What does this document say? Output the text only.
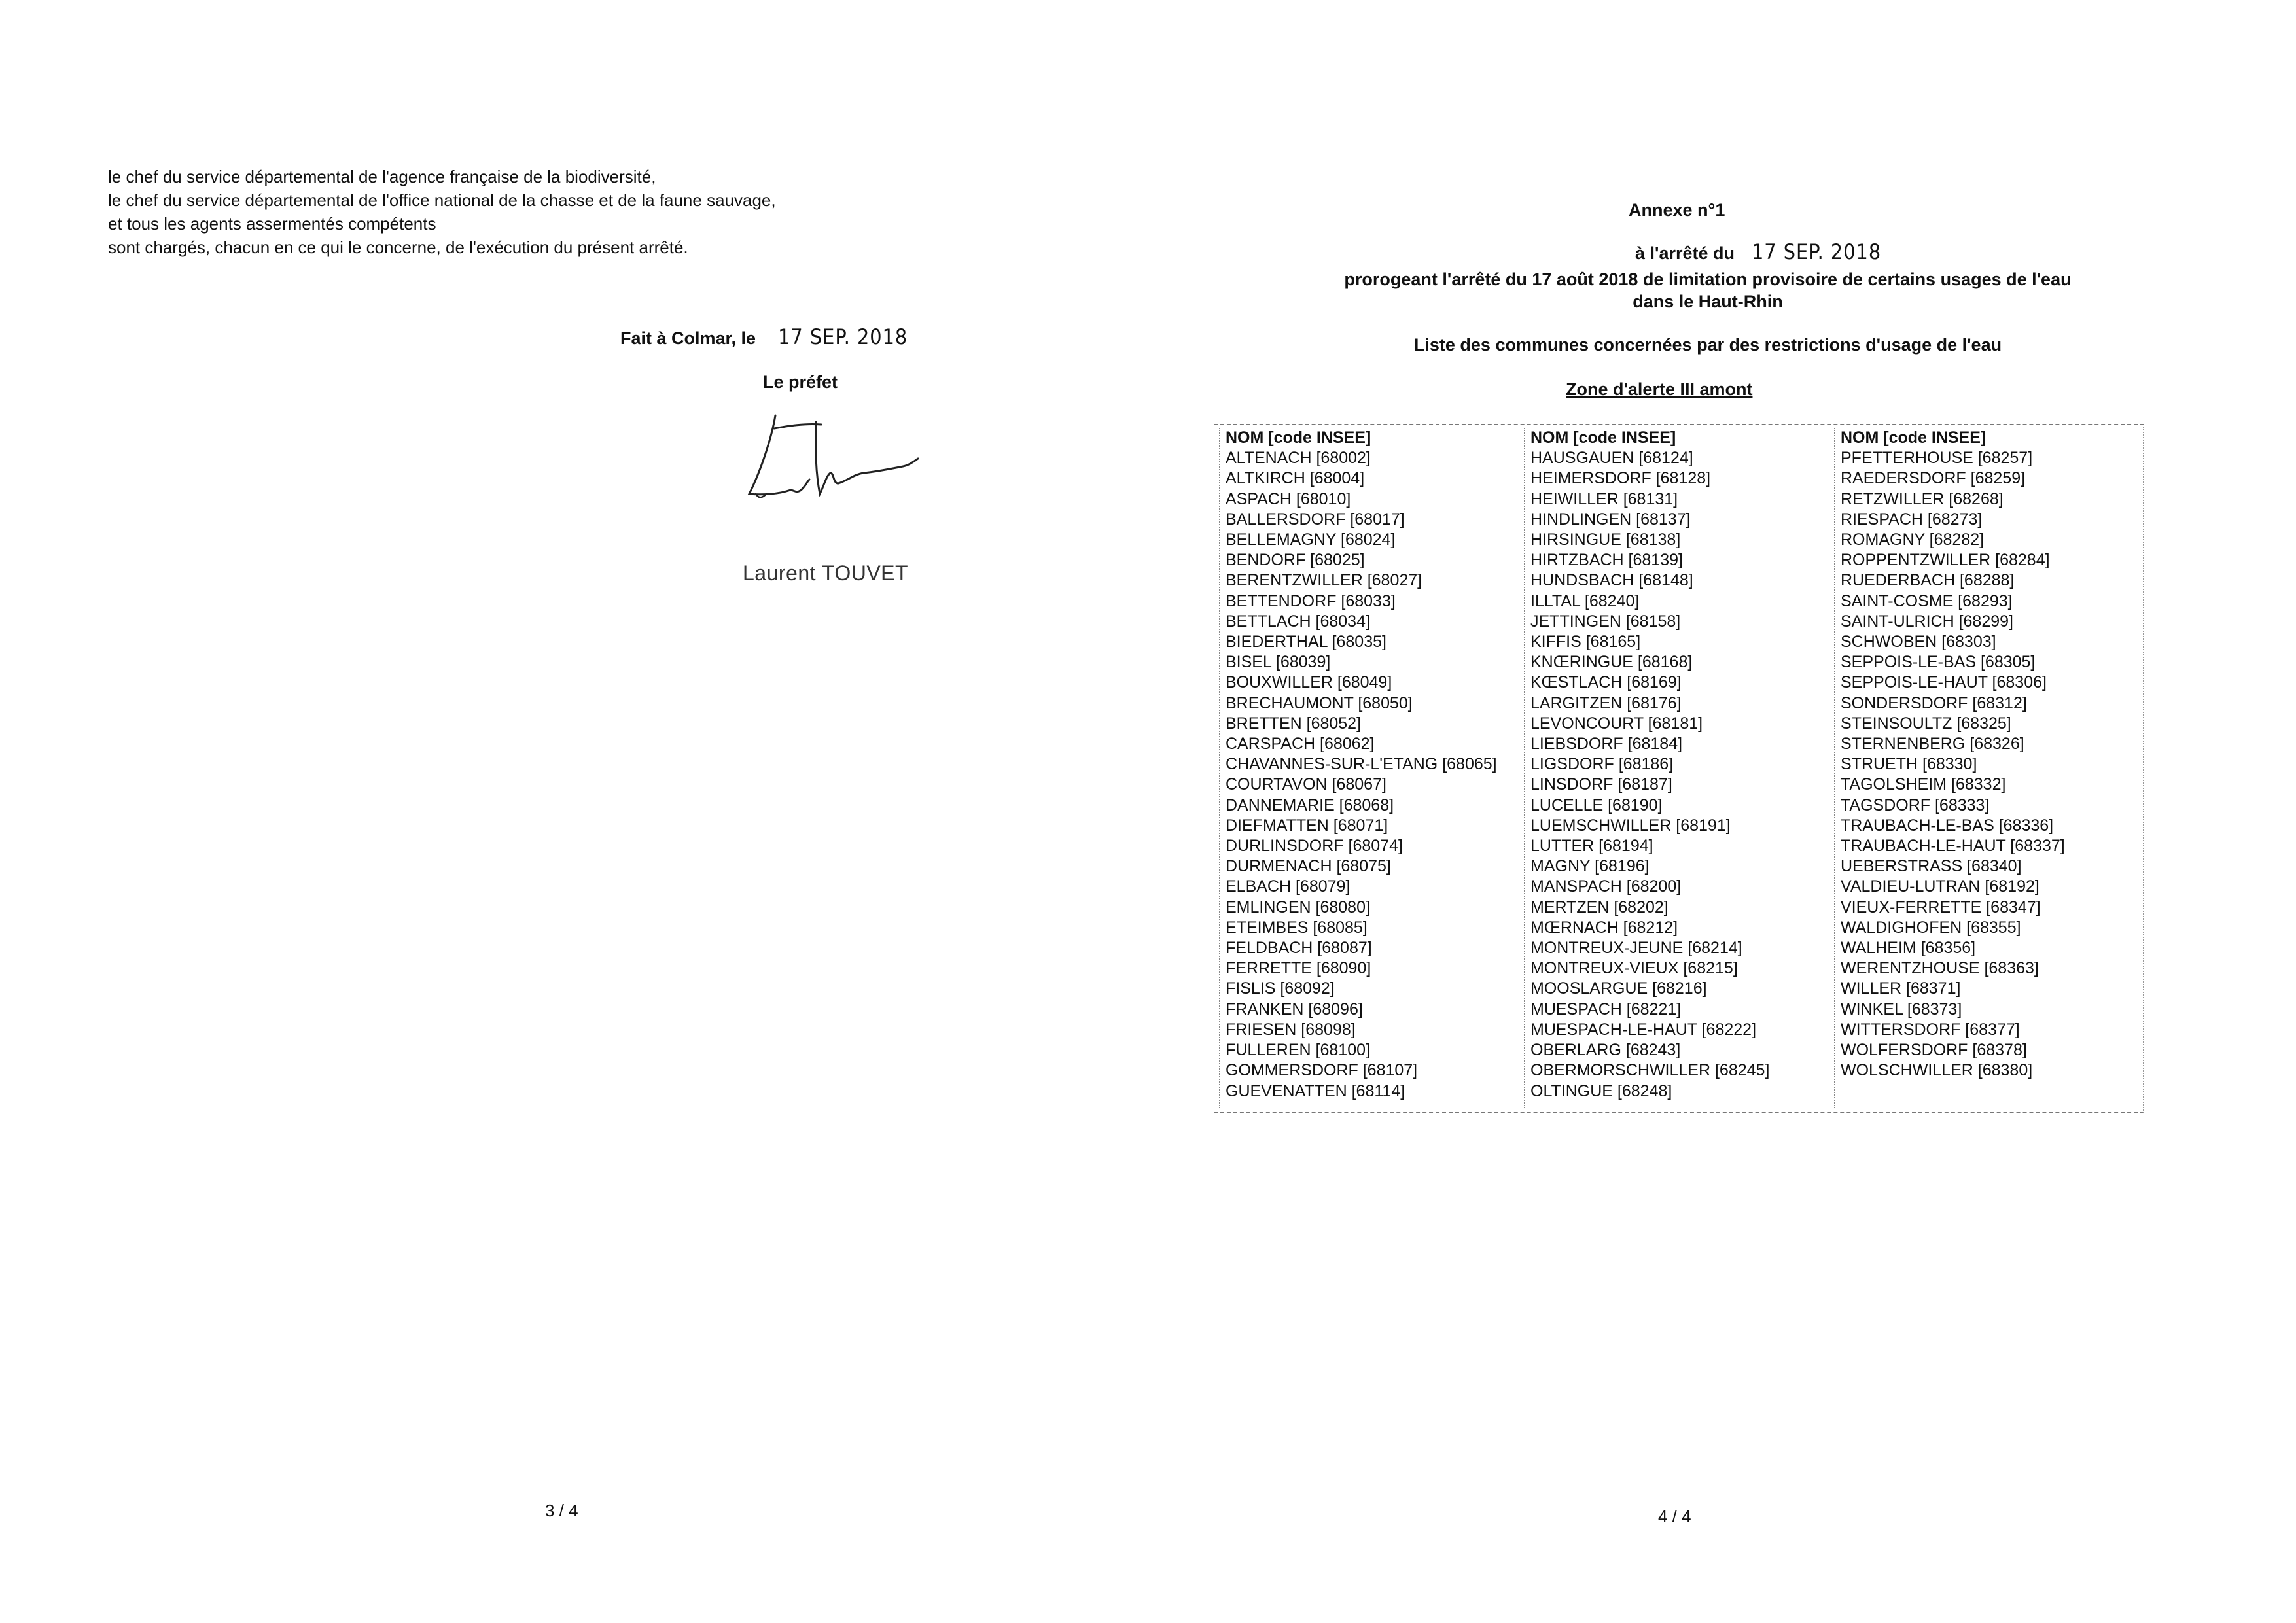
le chef du service départemental de l'agence française de la biodiversité,
le chef du service départemental de l'office national de la chasse et de la faune sauvage,
et tous les agents assermentés compétents
sont chargés, chacun en ce qui le concerne, de l'exécution du présent arrêté.
Fait à Colmar, le 17 SEP. 2018
Le préfet
Laurent TOUVET
3 / 4
Annexe n°1
à l'arrêté du 17 SEP. 2018
prorogeant l'arrêté du 17 août 2018 de limitation provisoire de certains usages de l'eau
dans le Haut-Rhin
Liste des communes concernées par des restrictions d'usage de l'eau
Zone d'alerte III amont
NOM [code INSEE]
ALTENACH [68002]
ALTKIRCH [68004]
ASPACH [68010]
BALLERSDORF [68017]
BELLEMAGNY [68024]
BENDORF [68025]
BERENTZWILLER [68027]
BETTENDORF [68033]
BETTLACH [68034]
BIEDERTHAL [68035]
BISEL [68039]
BOUXWILLER [68049]
BRECHAUMONT [68050]
BRETTEN [68052]
CARSPACH [68062]
CHAVANNES-SUR-L'ETANG [68065]
COURTAVON [68067]
DANNEMARIE [68068]
DIEFMATTEN [68071]
DURLINSDORF [68074]
DURMENACH [68075]
ELBACH [68079]
EMLINGEN [68080]
ETEIMBES [68085]
FELDBACH [68087]
FERRETTE [68090]
FISLIS [68092]
FRANKEN [68096]
FRIESEN [68098]
FULLEREN [68100]
GOMMERSDORF [68107]
GUEVENATTEN [68114]
NOM [code INSEE]
HAUSGAUEN [68124]
HEIMERSDORF [68128]
HEIWILLER [68131]
HINDLINGEN [68137]
HIRSINGUE [68138]
HIRTZBACH [68139]
HUNDSBACH [68148]
ILLTAL [68240]
JETTINGEN [68158]
KIFFIS [68165]
KNŒRINGUE [68168]
KŒSTLACH [68169]
LARGITZEN [68176]
LEVONCOURT [68181]
LIEBSDORF [68184]
LIGSDORF [68186]
LINSDORF [68187]
LUCELLE [68190]
LUEMSCHWILLER [68191]
LUTTER [68194]
MAGNY [68196]
MANSPACH [68200]
MERTZEN [68202]
MŒRNACH [68212]
MONTREUX-JEUNE [68214]
MONTREUX-VIEUX [68215]
MOOSLARGUE [68216]
MUESPACH [68221]
MUESPACH-LE-HAUT [68222]
OBERLARG [68243]
OBERMORSCHWILLER [68245]
OLTINGUE [68248]
NOM [code INSEE]
PFETTERHOUSE [68257]
RAEDERSDORF [68259]
RETZWILLER [68268]
RIESPACH [68273]
ROMAGNY [68282]
ROPPENTZWILLER [68284]
RUEDERBACH [68288]
SAINT-COSME [68293]
SAINT-ULRICH [68299]
SCHWOBEN [68303]
SEPPOIS-LE-BAS [68305]
SEPPOIS-LE-HAUT [68306]
SONDERSDORF [68312]
STEINSOULTZ [68325]
STERNENBERG [68326]
STRUETH [68330]
TAGOLSHEIM [68332]
TAGSDORF [68333]
TRAUBACH-LE-BAS [68336]
TRAUBACH-LE-HAUT [68337]
UEBERSTRASS [68340]
VALDIEU-LUTRAN [68192]
VIEUX-FERRETTE [68347]
WALDIGHOFEN [68355]
WALHEIM [68356]
WERENTZHOUSE [68363]
WILLER [68371]
WINKEL [68373]
WITTERSDORF [68377]
WOLFERSDORF [68378]
WOLSCHWILLER [68380]
4 / 4
